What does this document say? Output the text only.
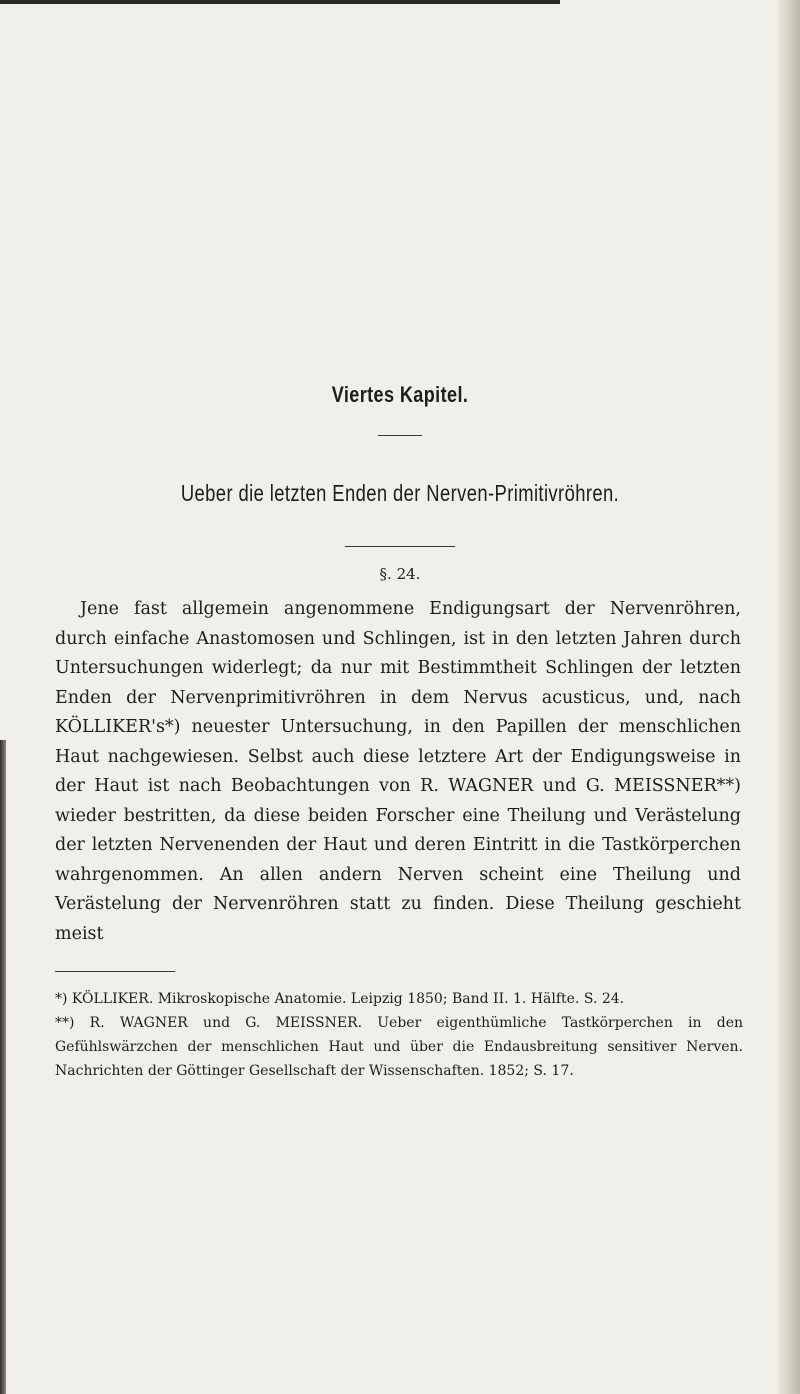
Viertes Kapitel.
Ueber die letzten Enden der Nerven-Primitivröhren.
§. 24.

Jene fast allgemein angenommene Endigungsart der Nervenröhren, durch einfache Anastomosen und Schlingen, ist in den letzten Jahren durch Untersuchungen widerlegt; da nur mit Bestimmtheit Schlingen der letzten Enden der Nervenprimitivröhren in dem Nervus acusticus, und, nach KÖLLIKER's*) neuester Untersuchung, in den Papillen der menschlichen Haut nachgewiesen. Selbst auch diese letztere Art der Endigungsweise in der Haut ist nach Beobachtungen von R. WAGNER und G. MEISSNER**) wieder bestritten, da diese beiden Forscher eine Theilung und Verästelung der letzten Nervenenden der Haut und deren Eintritt in die Tastkörperchen wahrgenommen. An allen andern Nerven scheint eine Theilung und Verästelung der Nervenröhren statt zu finden. Diese Theilung geschieht meist

*) KÖLLIKER. Mikroskopische Anatomie. Leipzig 1850; Band II. 1. Hälfte. S. 24.

**) R. WAGNER und G. MEISSNER. Ueber eigenthümliche Tastkörperchen in den Gefühlswärzchen der menschlichen Haut und über die Endausbreitung sensitiver Nerven. Nachrichten der Göttinger Gesellschaft der Wissenschaften. 1852; S. 17.
